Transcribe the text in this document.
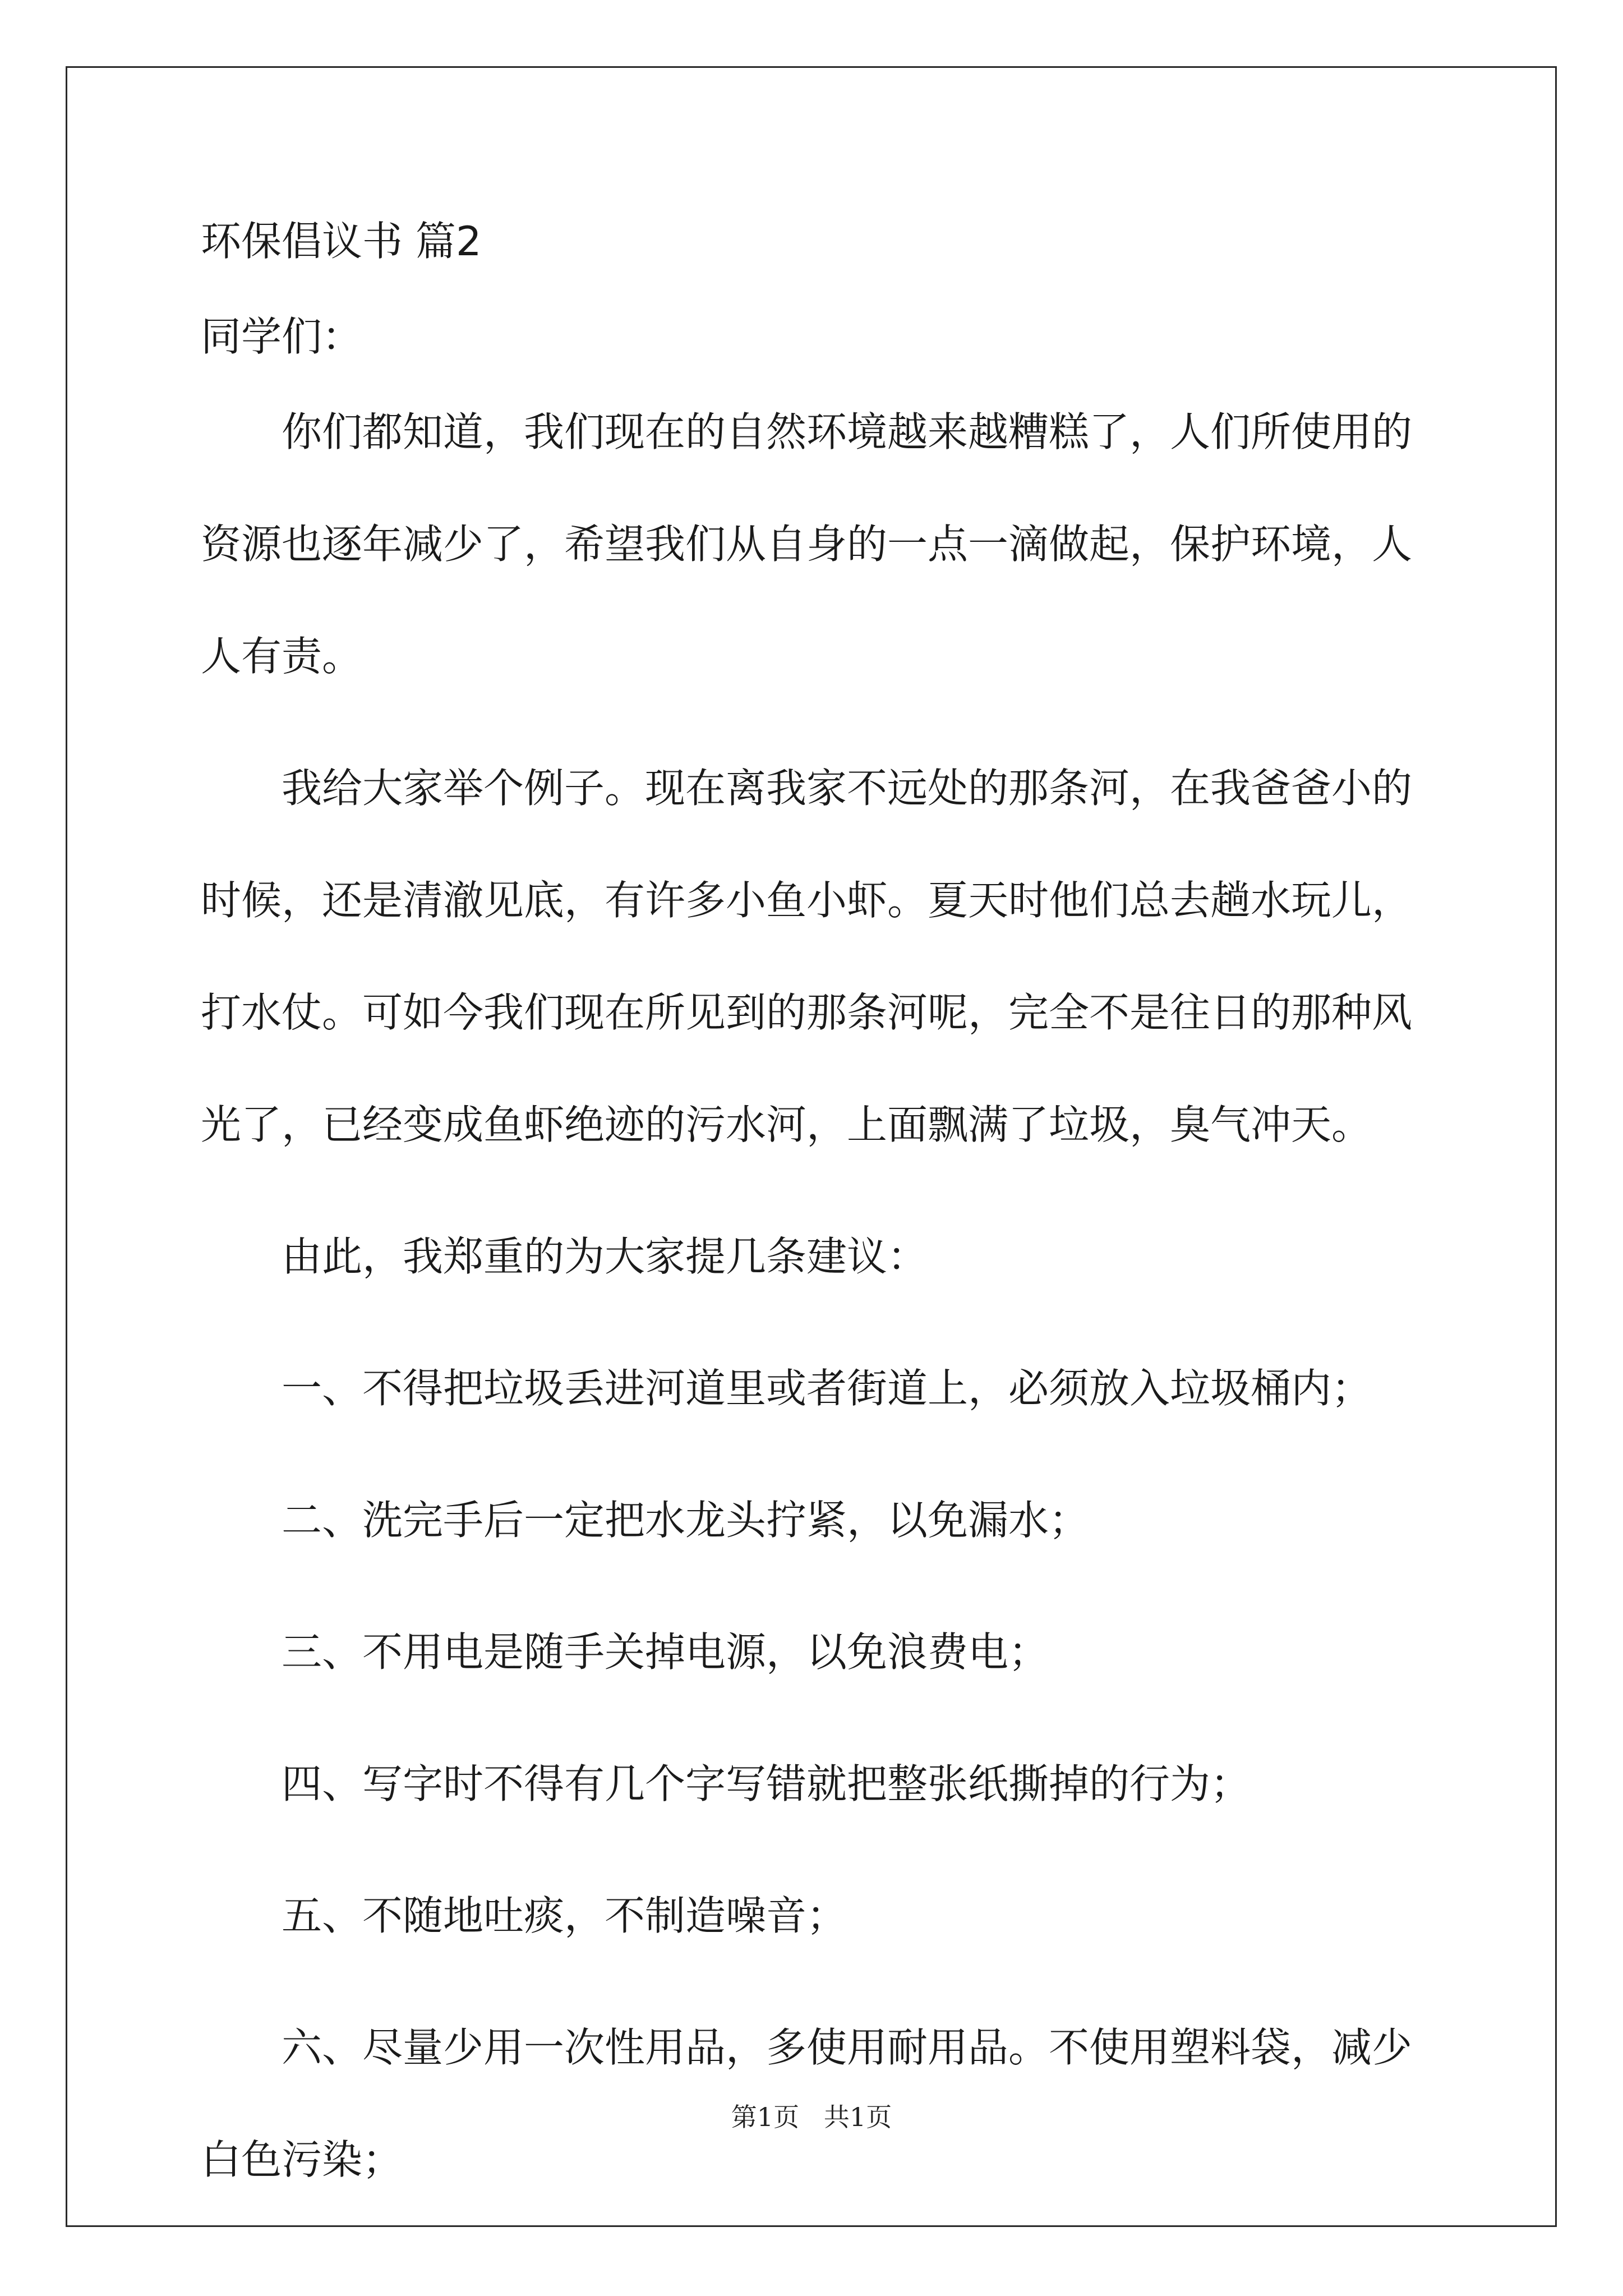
环保倡议书 篇2

同学们：

你们都知道，我们现在的自然环境越来越糟糕了，人们所使用的
资源也逐年减少了，希望我们从自身的一点一滴做起，保护环境，人
人有责。
我给大家举个例子。现在离我家不远处的那条河，在我爸爸小的
时候，还是清澈见底，有许多小鱼小虾。夏天时他们总去趟水玩儿，
打水仗。可如今我们现在所见到的那条河呢，完全不是往日的那种风
光了，已经变成鱼虾绝迹的污水河，上面飘满了垃圾，臭气冲天。

由此，我郑重的为大家提几条建议：

一、不得把垃圾丢进河道里或者街道上，必须放入垃圾桶内；

二、洗完手后一定把水龙头拧紧，以免漏水；

三、不用电是随手关掉电源，以免浪费电；

四、写字时不得有几个字写错就把整张纸撕掉的行为；

五、不随地吐痰，不制造噪音；

六、尽量少用一次性用品，多使用耐用品。不使用塑料袋，减少
白色污染；
第1页   共1页
